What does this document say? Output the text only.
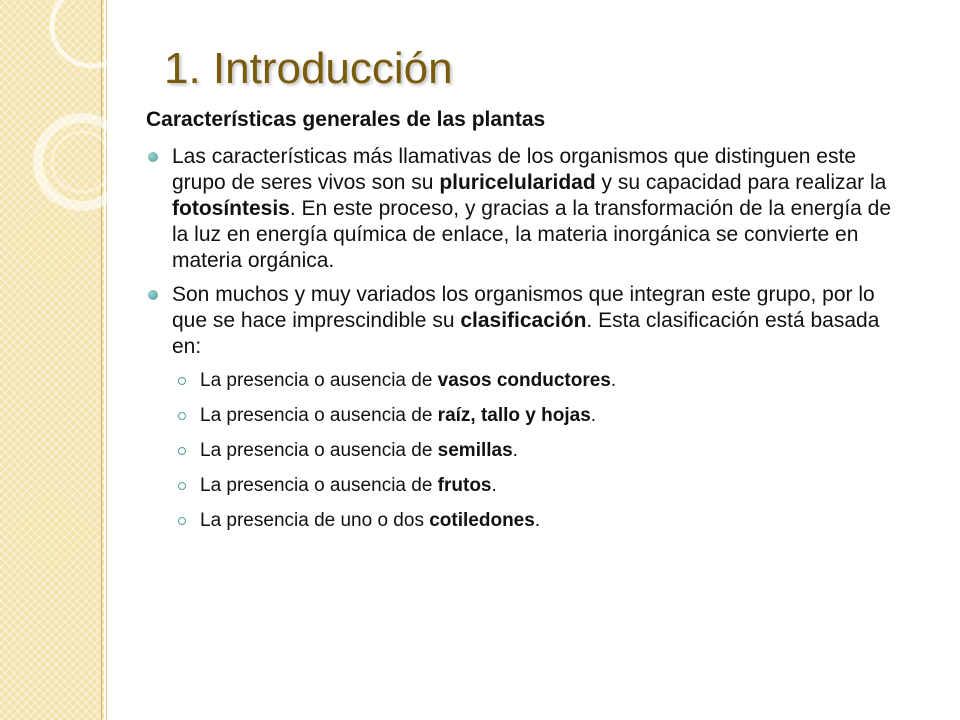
1. Introducción

Características generales de las plantas

Las características más llamativas de los organismos que distinguen este grupo de seres vivos son su pluricelularidad y su capacidad para realizar la fotosíntesis. En este proceso, y gracias a la transformación de la energía de la luz en energía química de enlace, la materia inorgánica se convierte en materia orgánica.
Son muchos y muy variados los organismos que integran este grupo, por lo que se hace imprescindible su clasificación. Esta clasificación está basada en:
La presencia o ausencia de vasos conductores.
La presencia o ausencia de raíz, tallo y hojas.
La presencia o ausencia de semillas.
La presencia o ausencia de frutos.
La presencia de uno o dos cotiledones.
